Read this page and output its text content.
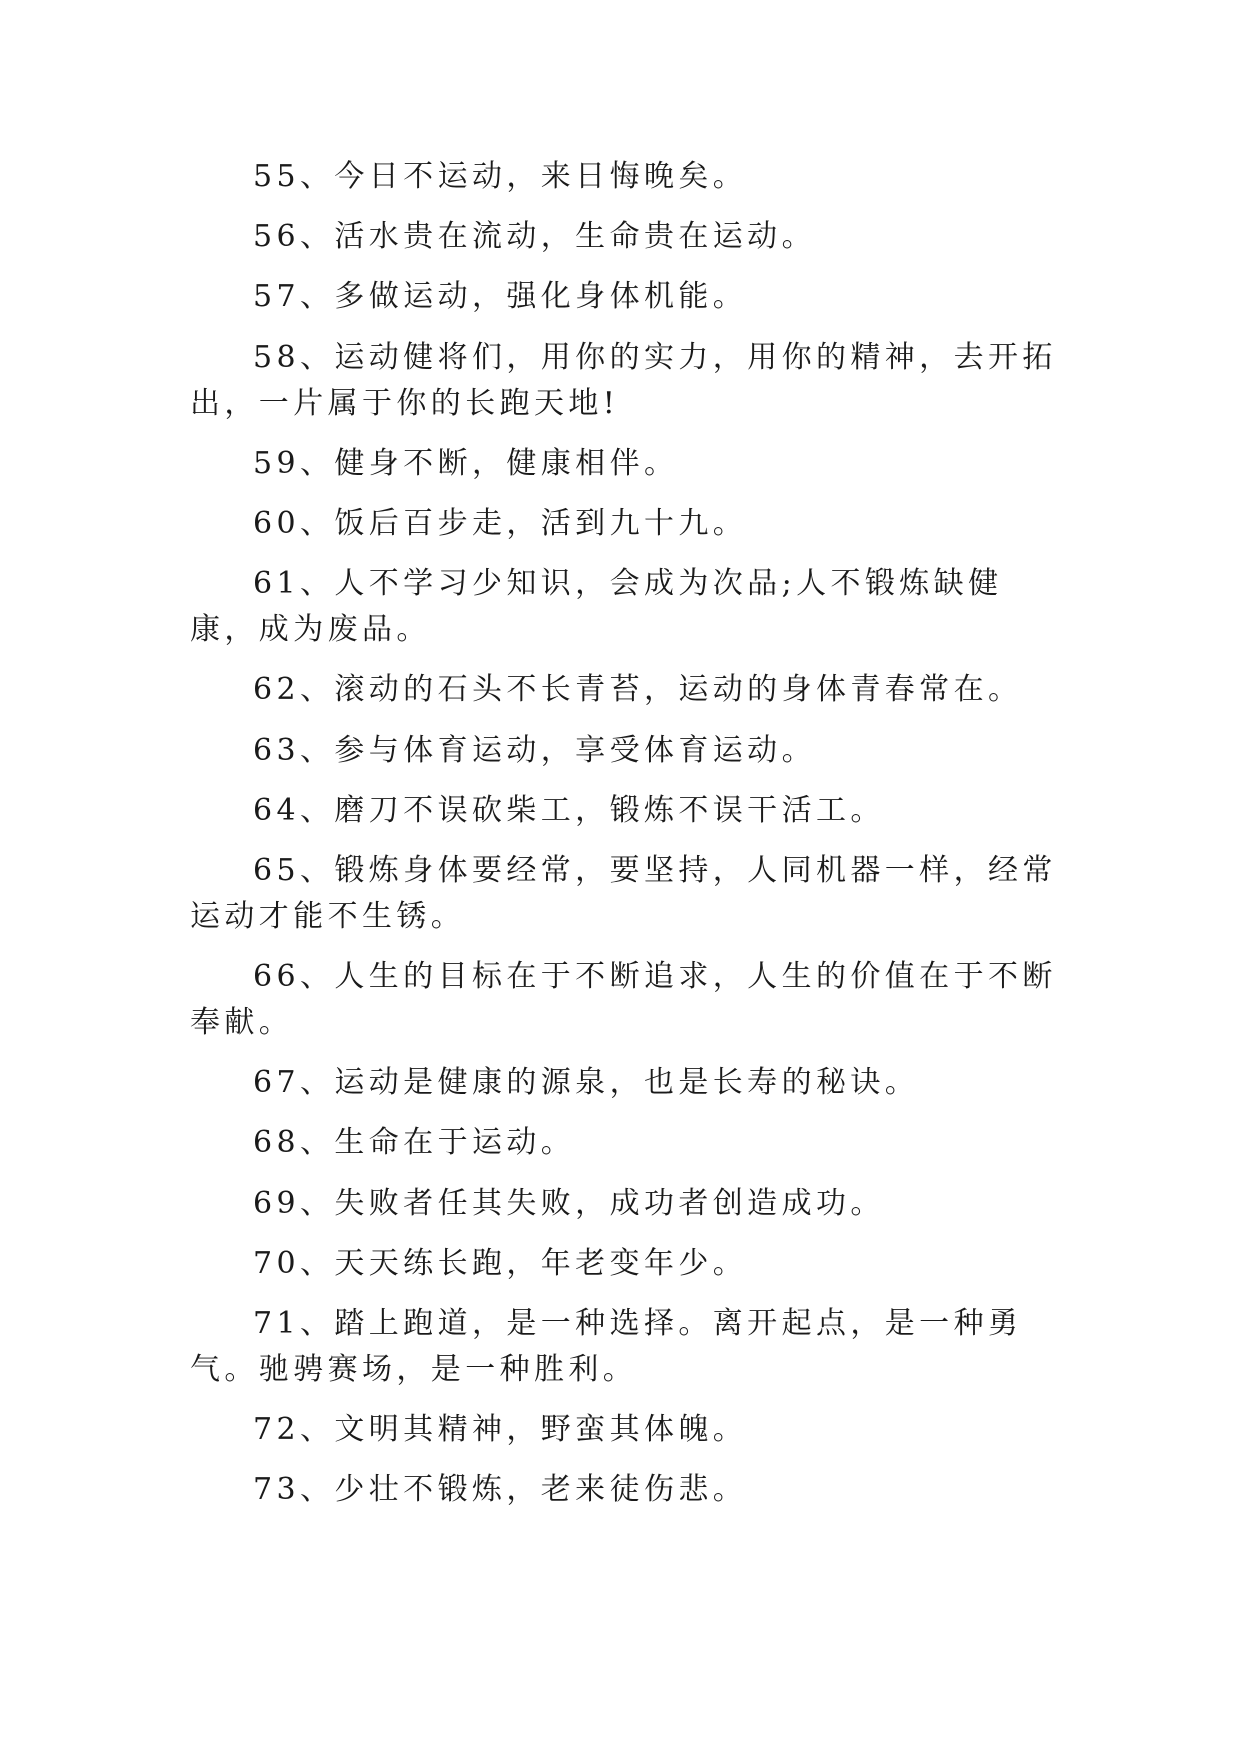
55、今日不运动，来日悔晚矣。

56、活水贵在流动，生命贵在运动。

57、多做运动，强化身体机能。

58、运动健将们，用你的实力，用你的精神，去开拓出，一片属于你的长跑天地!

59、健身不断，健康相伴。

60、饭后百步走，活到九十九。

61、人不学习少知识，会成为次品;人不锻炼缺健康，成为废品。

62、滚动的石头不长青苔，运动的身体青春常在。

63、参与体育运动，享受体育运动。

64、磨刀不误砍柴工，锻炼不误干活工。

65、锻炼身体要经常，要坚持，人同机器一样，经常运动才能不生锈。

66、人生的目标在于不断追求，人生的价值在于不断奉献。

67、运动是健康的源泉，也是长寿的秘诀。

68、生命在于运动。

69、失败者任其失败，成功者创造成功。

70、天天练长跑，年老变年少。

71、踏上跑道，是一种选择。离开起点，是一种勇气。驰骋赛场，是一种胜利。

72、文明其精神，野蛮其体魄。

73、少壮不锻炼，老来徒伤悲。
